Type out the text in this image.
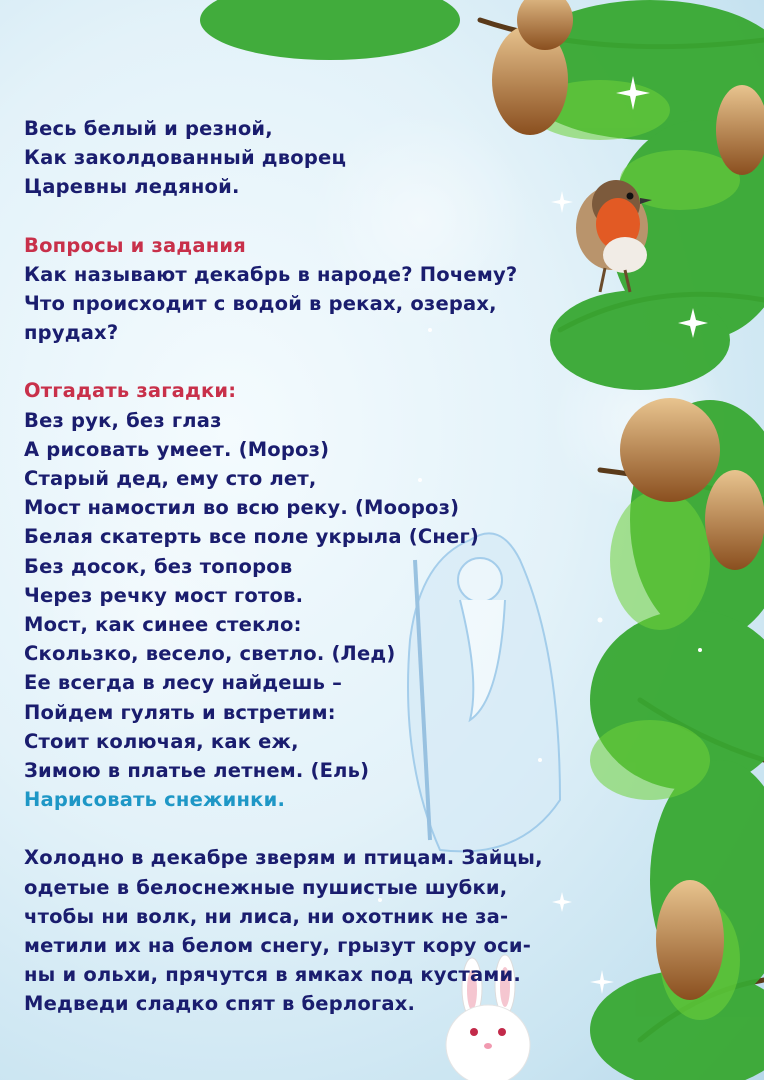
Весь белый и резной,
Как заколдованный дворец
Царевны ледяной.
Вопросы и задания
Как называют декабрь в народе? Почему?
Что происходит с водой в реках, озерах,
прудах?
Отгадать загадки:
Вез рук, без глаз
А рисовать умеет. (Мороз)
Старый дед, ему сто лет,
Мост намостил во всю реку. (Моороз)
Белая скатерть все поле укрыла (Снег)
Без досок, без топоров
Через речку мост готов.
Мост, как синее стекло:
Скользко, весело, светло. (Лед)
Ее всегда в лесу найдешь –
Пойдем гулять и встретим:
Стоит колючая, как еж,
Зимою в платье летнем. (Ель)
Нарисовать снежинки.
Холодно в декабре зверям и птицам. Зайцы,
одетые в белоснежные пушистые шубки,
чтобы ни волк, ни лиса, ни охотник не за-
метили их на белом снегу, грызут кору оси-
ны и ольхи, прячутся в ямках под кустами.
Медведи сладко спят в берлогах.
